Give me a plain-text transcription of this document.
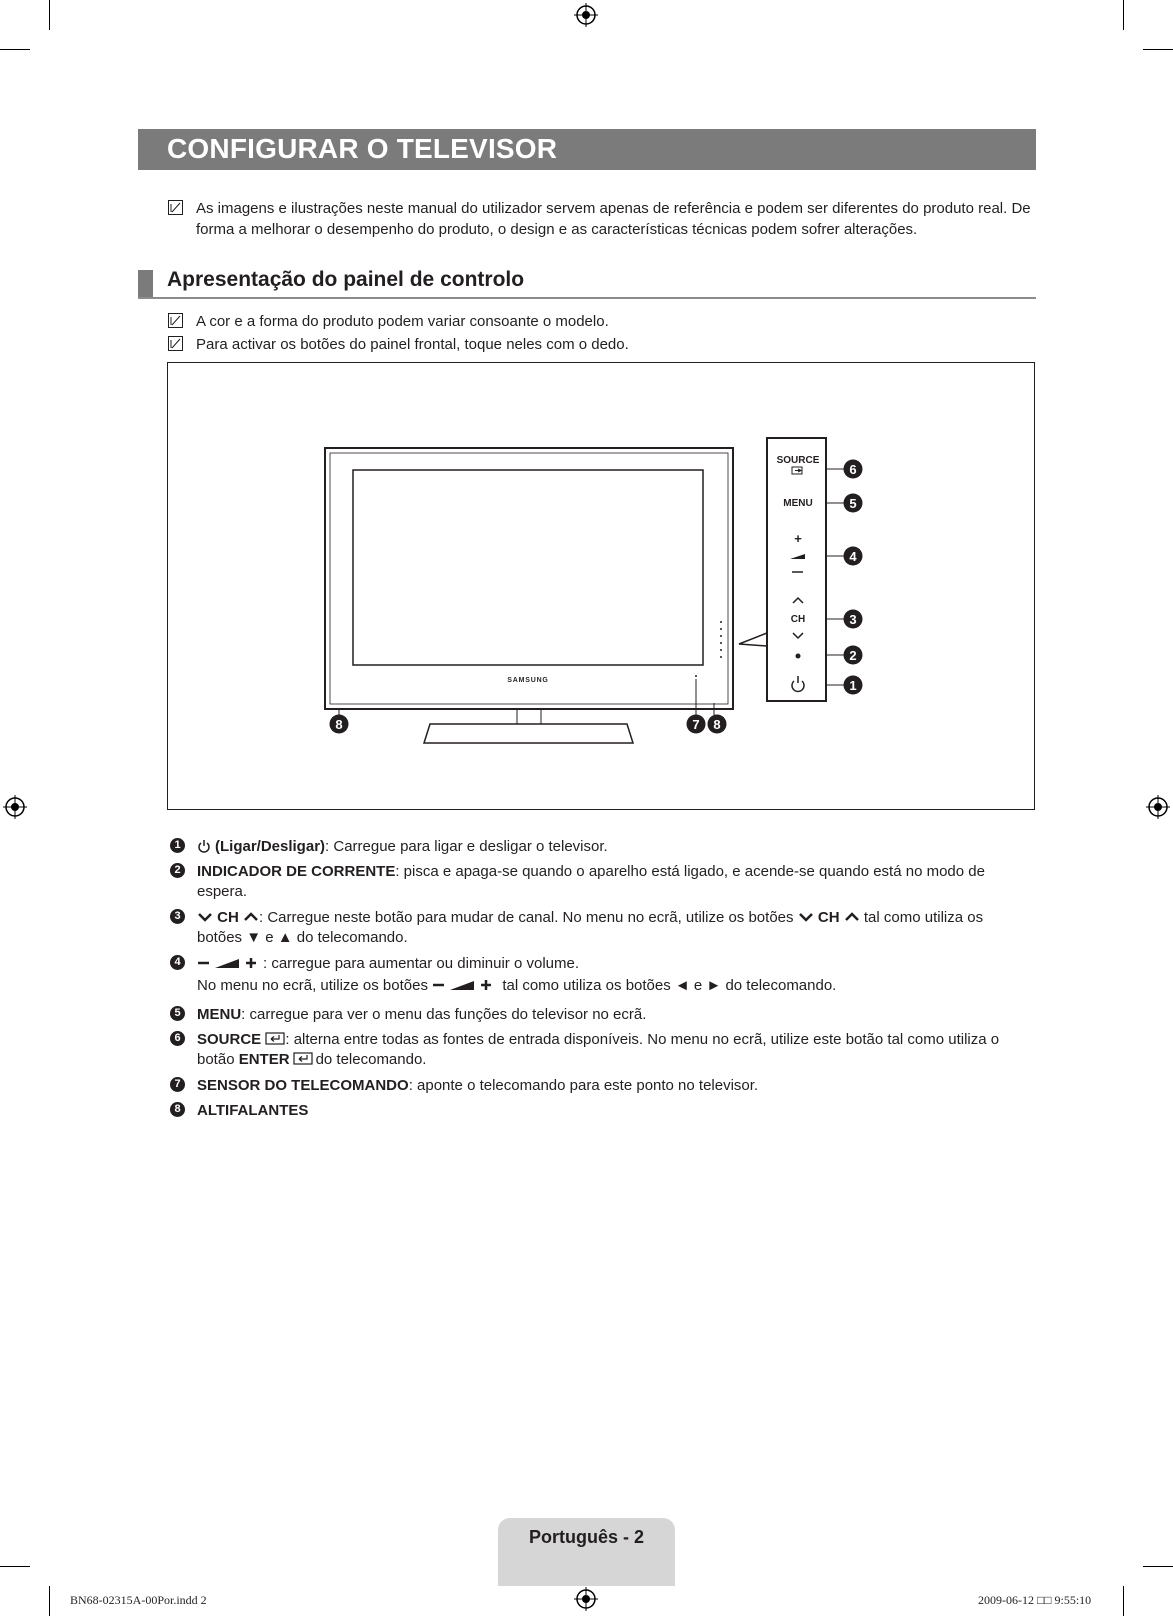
CONFIGURAR O TELEVISOR
As imagens e ilustrações neste manual do utilizador servem apenas de referência e podem ser diferentes do produto real. De
forma a melhorar o desempenho do produto, o design e as características técnicas podem sofrer alterações.
Apresentação do painel de controlo
A cor e a forma do produto podem variar consoante o modelo.
Para activar os botões do painel frontal, toque neles com o dedo.
SAMSUNG
SOURCE
MENU
+
CH
6
5
4
3
2
1
8	7 8
1	(Ligar/Desligar): Carregue para ligar e desligar o televisor.
2 INDICADOR DE CORRENTE: pisca e apaga-se quando o aparelho está ligado, e acende-se quando está no modo de
espera.
3	CH : Carregue neste botão para mudar de canal. No menu no ecrã, utilize os botões CH tal como utiliza os
botões ▼ e ▲ do telecomando.
4	: carregue para aumentar ou diminuir o volume.
No menu no ecrã, utilize os botões	tal como utiliza os botões ◄ e ► do telecomando.
5 MENU: carregue para ver o menu das funções do televisor no ecrã.
6 SOURCE : alterna entre todas as fontes de entrada disponíveis. No menu no ecrã, utilize este botão tal como utiliza o
botão ENTER do telecomando.
7 SENSOR DO TELECOMANDO: aponte o telecomando para este ponto no televisor.
8 ALTIFALANTES
Português - 2
BN68-02315A-00Por.indd 2	2009-06-12 □□ 9:55:10
